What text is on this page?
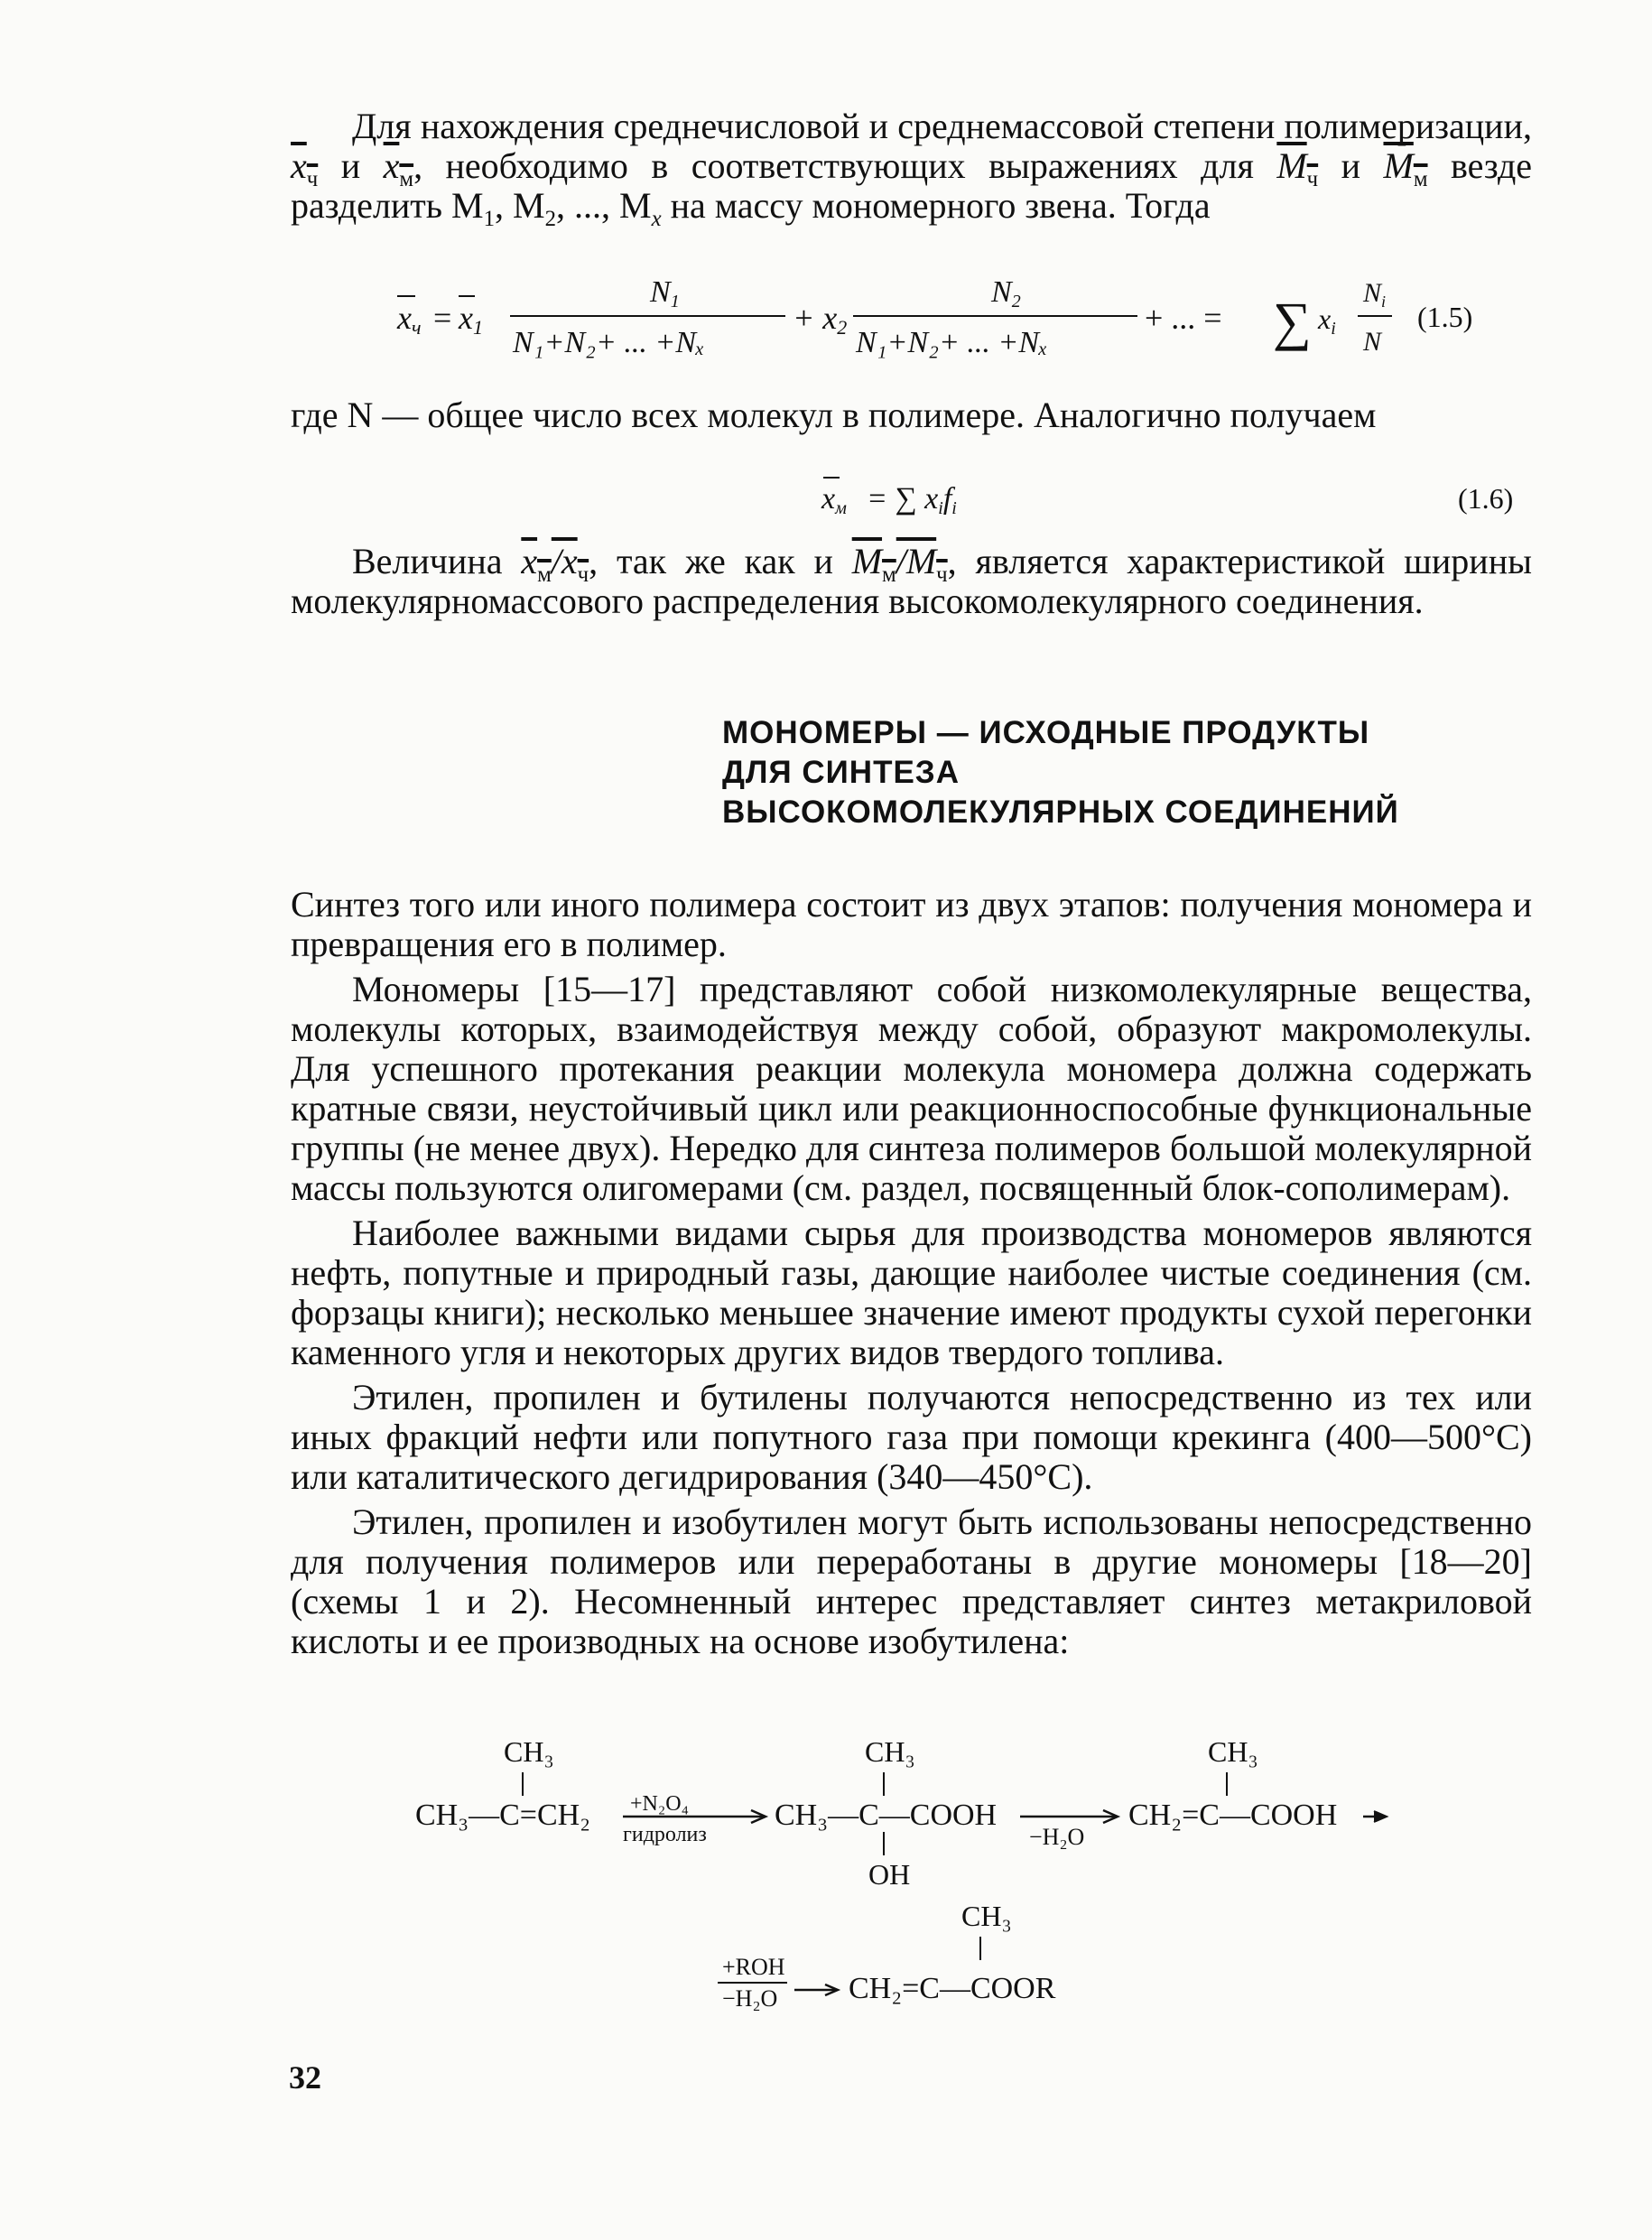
Для нахождения среднечисловой и среднемассовой степени полимеризации, $x_ч$ и $x_м$, необходимо в соответствующих выражениях для $M_ч$ и $M_м$ везде разделить $M_1$, $M_2$, ..., $M_x$ на массу мономерного звена. Тогда

xч = x1
N1
N₁+N₂+ ... +Nₓ
+ x2
N2
N₁+N₂+ ... +Nₓ
+ ... = ∑ xi
$N_i$
N
(1.5)

где N — общее число всех молекул в полимере. Аналогично получаем

xм = ∑ xifi	(1.6)

Величина $x_м/x_ч$, так же как и $M_м/M_ч$, является характеристикой ширины молекулярномассового распределения высокомолекулярного соединения.

МОНОМЕРЫ — ИСХОДНЫЕ ПРОДУКТЫ
ДЛЯ СИНТЕЗА
ВЫСОКОМОЛЕКУЛЯРНЫХ СОЕДИНЕНИЙ

Синтез того или иного полимера состоит из двух этапов: получения мономера и превращения его в полимер.

Мономеры [15—17] представляют собой низкомолекулярные вещества, молекулы которых, взаимодействуя между собой, образуют макромолекулы. Для успешного протекания реакции молекула мономера должна содержать кратные связи, неустойчивый цикл или реакционноспособные функциональные группы (не менее двух). Нередко для синтеза полимеров большой молекулярной массы пользуются олигомерами (см. раздел, посвященный блок-сополимерам).

Наиболее важными видами сырья для производства мономеров являются нефть, попутные и природный газы, дающие наиболее чистые соединения (см. форзацы книги); несколько меньшее значение имеют продукты сухой перегонки каменного угля и некоторых других видов твердого топлива.

Этилен, пропилен и бутилены получаются непосредственно из тех или иных фракций нефти или попутного газа при помощи крекинга (400—500°С) или каталитического дегидрирования (340—450°С).

Этилен, пропилен и изобутилен могут быть использованы непосредственно для получения полимеров или переработаны в другие мономеры [18—20] (схемы 1 и 2). Несомненный интерес представляет синтез метакриловой кислоты и ее производных на основе изобутилена:

CH₃
CH₃—C=CH₂ +N₂O₄
гидролиз
CH₃
CH₃—C—COOH
OH
−H₂O
CH₃
CH₂=C—COOH
CH₃
+ROH
−H₂O CH₂=C—COOR
32
